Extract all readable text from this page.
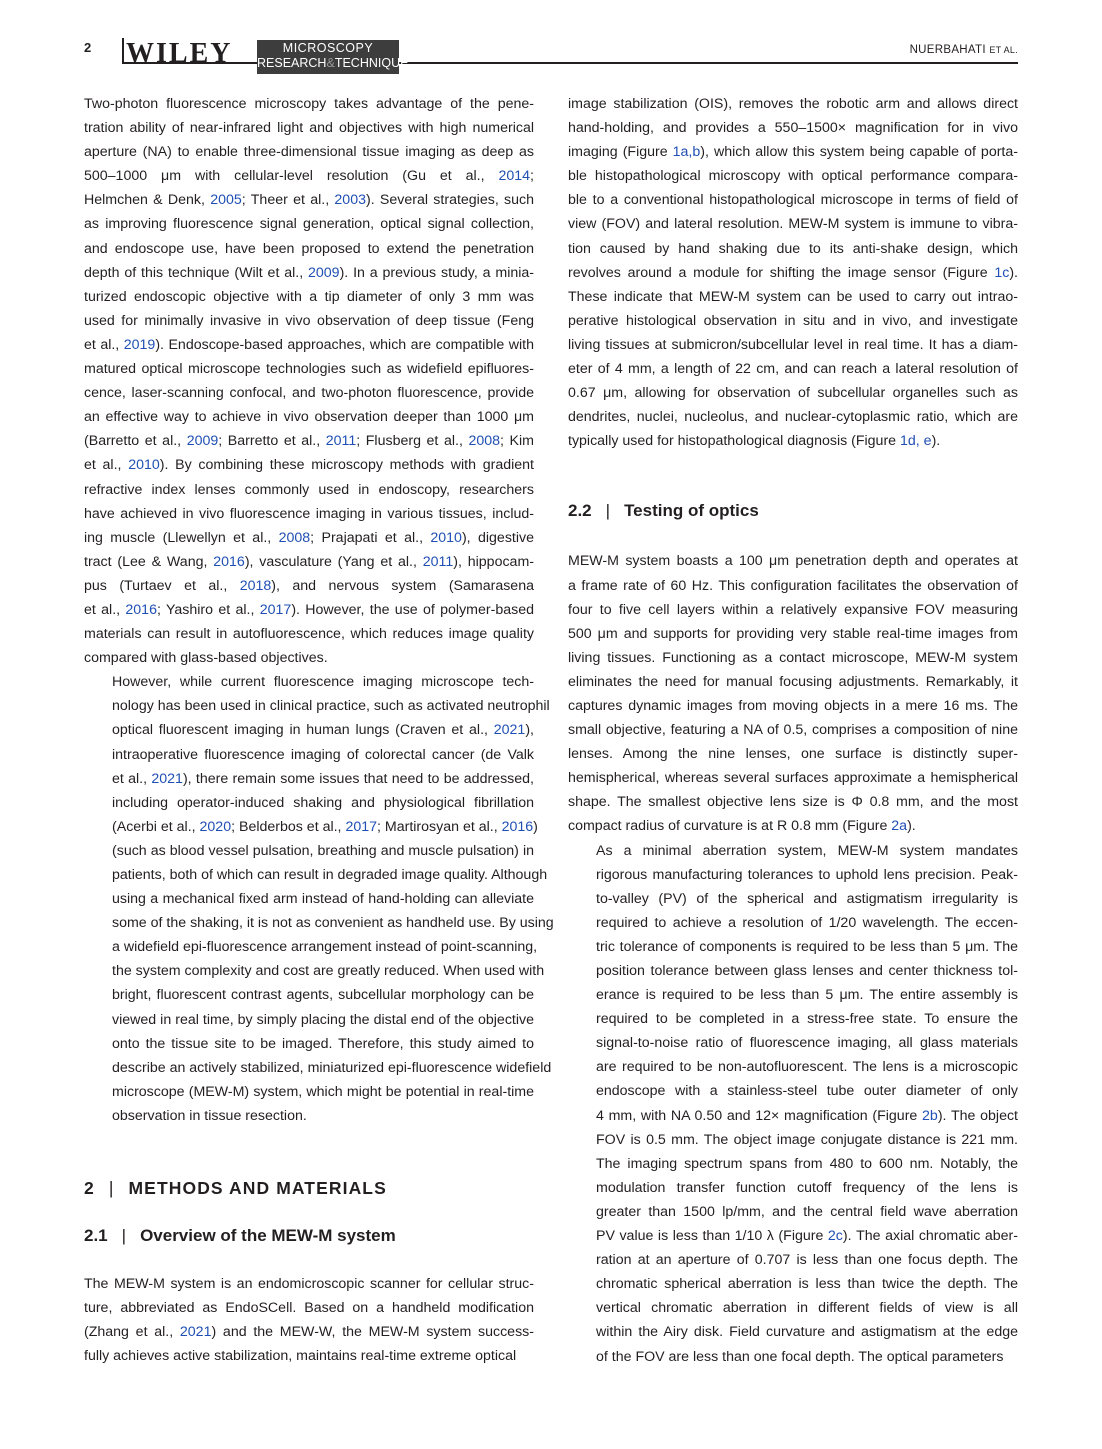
2 WILEY	MICROSCOPY
RESEARCH&TECHNIQUE
NUERBAHATI ET AL.

Two-photon fluorescence microscopy takes advantage of the pene-
tration ability of near-infrared light and objectives with high numerical
aperture (NA) to enable three-dimensional tissue imaging as deep as
500–1000 μm with cellular-level resolution (Gu et al., 2014;
Helmchen & Denk, 2005; Theer et al., 2003). Several strategies, such
as improving fluorescence signal generation, optical signal collection,
and endoscope use, have been proposed to extend the penetration
depth of this technique (Wilt et al., 2009). In a previous study, a minia-
turized endoscopic objective with a tip diameter of only 3 mm was
used for minimally invasive in vivo observation of deep tissue (Feng
et al., 2019). Endoscope-based approaches, which are compatible with
matured optical microscope technologies such as widefield epifluores-
cence, laser-scanning confocal, and two-photon fluorescence, provide
an effective way to achieve in vivo observation deeper than 1000 μm
(Barretto et al., 2009; Barretto et al., 2011; Flusberg et al., 2008; Kim
et al., 2010). By combining these microscopy methods with gradient
refractive index lenses commonly used in endoscopy, researchers
have achieved in vivo fluorescence imaging in various tissues, includ-
ing muscle (Llewellyn et al., 2008; Prajapati et al., 2010), digestive
tract (Lee & Wang, 2016), vasculature (Yang et al., 2011), hippocam-
pus (Turtaev et al., 2018), and nervous system (Samarasena
et al., 2016; Yashiro et al., 2017). However, the use of polymer-based
materials can result in autofluorescence, which reduces image quality
compared with glass-based objectives.

However, while current fluorescence imaging microscope tech-
nology has been used in clinical practice, such as activated neutrophil
optical fluorescent imaging in human lungs (Craven et al., 2021),
intraoperative fluorescence imaging of colorectal cancer (de Valk
et al., 2021), there remain some issues that need to be addressed,
including operator-induced shaking and physiological fibrillation
(Acerbi et al., 2020; Belderbos et al., 2017; Martirosyan et al., 2016)
(such as blood vessel pulsation, breathing and muscle pulsation) in
patients, both of which can result in degraded image quality. Although
using a mechanical fixed arm instead of hand-holding can alleviate
some of the shaking, it is not as convenient as handheld use. By using
a widefield epi-fluorescence arrangement instead of point-scanning,
the system complexity and cost are greatly reduced. When used with
bright, fluorescent contrast agents, subcellular morphology can be
viewed in real time, by simply placing the distal end of the objective
onto the tissue site to be imaged. Therefore, this study aimed to
describe an actively stabilized, miniaturized epi-fluorescence widefield
microscope (MEW-M) system, which might be potential in real-time
observation in tissue resection.

2 | METHODS AND MATERIALS
2.1 | Overview of the MEW-M system

The MEW-M system is an endomicroscopic scanner for cellular struc-
ture, abbreviated as EndoSCell. Based on a handheld modification
(Zhang et al., 2021) and the MEW-W, the MEW-M system success-
fully achieves active stabilization, maintains real-time extreme optical

image stabilization (OIS), removes the robotic arm and allows direct
hand-holding, and provides a 550–1500× magnification for in vivo
imaging (Figure 1a,b), which allow this system being capable of porta-
ble histopathological microscopy with optical performance compara-
ble to a conventional histopathological microscope in terms of field of
view (FOV) and lateral resolution. MEW-M system is immune to vibra-
tion caused by hand shaking due to its anti-shake design, which
revolves around a module for shifting the image sensor (Figure 1c).
These indicate that MEW-M system can be used to carry out intrao-
perative histological observation in situ and in vivo, and investigate
living tissues at submicron/subcellular level in real time. It has a diam-
eter of 4 mm, a length of 22 cm, and can reach a lateral resolution of
0.67 μm, allowing for observation of subcellular organelles such as
dendrites, nuclei, nucleolus, and nuclear-cytoplasmic ratio, which are
typically used for histopathological diagnosis (Figure 1d, e).

2.2 | Testing of optics

MEW-M system boasts a 100 μm penetration depth and operates at
a frame rate of 60 Hz. This configuration facilitates the observation of
four to five cell layers within a relatively expansive FOV measuring
500 μm and supports for providing very stable real-time images from
living tissues. Functioning as a contact microscope, MEW-M system
eliminates the need for manual focusing adjustments. Remarkably, it
captures dynamic images from moving objects in a mere 16 ms. The
small objective, featuring a NA of 0.5, comprises a composition of nine
lenses. Among the nine lenses, one surface is distinctly super-
hemispherical, whereas several surfaces approximate a hemispherical
shape. The smallest objective lens size is Φ 0.8 mm, and the most
compact radius of curvature is at R 0.8 mm (Figure 2a).

As a minimal aberration system, MEW-M system mandates
rigorous manufacturing tolerances to uphold lens precision. Peak-
to-valley (PV) of the spherical and astigmatism irregularity is
required to achieve a resolution of 1/20 wavelength. The eccen-
tric tolerance of components is required to be less than 5 μm. The
position tolerance between glass lenses and center thickness tol-
erance is required to be less than 5 μm. The entire assembly is
required to be completed in a stress-free state. To ensure the
signal-to-noise ratio of fluorescence imaging, all glass materials
are required to be non-autofluorescent. The lens is a microscopic
endoscope with a stainless-steel tube outer diameter of only
4 mm, with NA 0.50 and 12× magnification (Figure 2b). The object
FOV is 0.5 mm. The object image conjugate distance is 221 mm.
The imaging spectrum spans from 480 to 600 nm. Notably, the
modulation transfer function cutoff frequency of the lens is
greater than 1500 lp/mm, and the central field wave aberration
PV value is less than 1/10 λ (Figure 2c). The axial chromatic aber-
ration at an aperture of 0.707 is less than one focus depth. The
chromatic spherical aberration is less than twice the depth. The
vertical chromatic aberration in different fields of view is all
within the Airy disk. Field curvature and astigmatism at the edge
of the FOV are less than one focal depth. The optical parameters
